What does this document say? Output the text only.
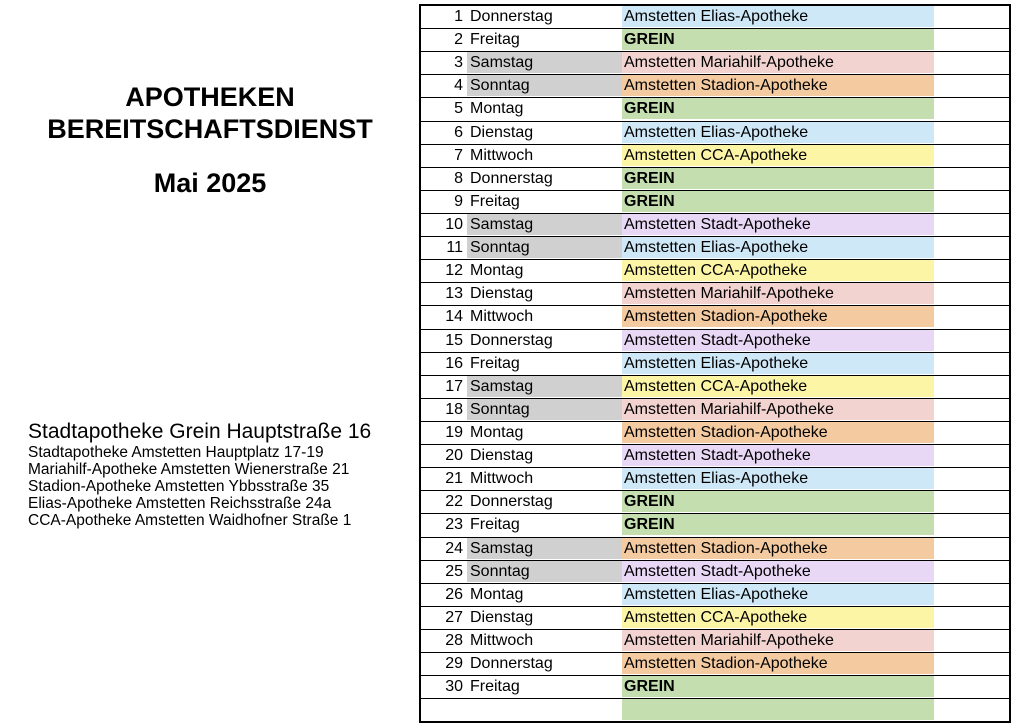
APOTHEKEN
BEREITSCHAFTSDIENST
Mai 2025
Stadtapotheke Grein Hauptstraße 16
Stadtapotheke Amstetten Hauptplatz 17-19
Mariahilf-Apotheke Amstetten Wienerstraße 21
Stadion-Apotheke Amstetten Ybbsstraße 35
Elias-Apotheke Amstetten Reichsstraße 24a
CCA-Apotheke Amstetten Waidhofner Straße 1
1 Donnerstag	Amstetten Elias-Apotheke
2 Freitag	GREIN
3 Samstag	Amstetten Mariahilf-Apotheke
4 Sonntag	Amstetten Stadion-Apotheke
5 Montag	GREIN
6 Dienstag	Amstetten Elias-Apotheke
7 Mittwoch	Amstetten CCA-Apotheke
8 Donnerstag	GREIN
9 Freitag	GREIN
10 Samstag	Amstetten Stadt-Apotheke
11 Sonntag	Amstetten Elias-Apotheke
12 Montag	Amstetten CCA-Apotheke
13 Dienstag	Amstetten Mariahilf-Apotheke
14 Mittwoch	Amstetten Stadion-Apotheke
15 Donnerstag	Amstetten Stadt-Apotheke
16 Freitag	Amstetten Elias-Apotheke
17 Samstag	Amstetten CCA-Apotheke
18 Sonntag	Amstetten Mariahilf-Apotheke
19 Montag	Amstetten Stadion-Apotheke
20 Dienstag	Amstetten Stadt-Apotheke
21 Mittwoch	Amstetten Elias-Apotheke
22 Donnerstag	GREIN
23 Freitag	GREIN
24 Samstag	Amstetten Stadion-Apotheke
25 Sonntag	Amstetten Stadt-Apotheke
26 Montag	Amstetten Elias-Apotheke
27 Dienstag	Amstetten CCA-Apotheke
28 Mittwoch	Amstetten Mariahilf-Apotheke
29 Donnerstag	Amstetten Stadion-Apotheke
30 Freitag	GREIN
